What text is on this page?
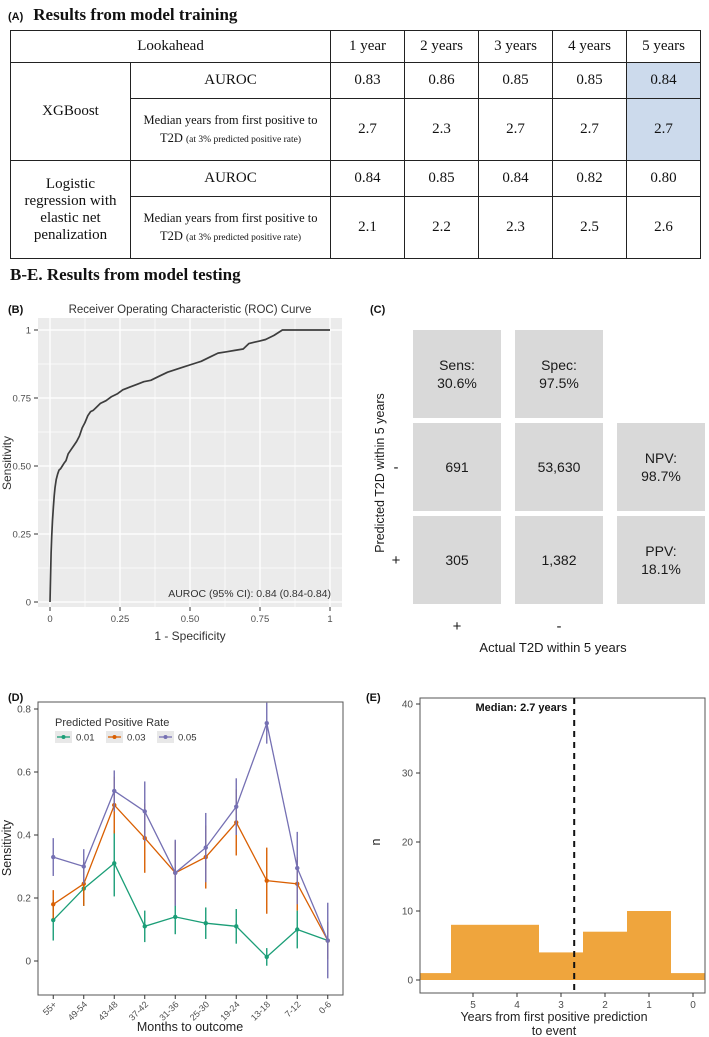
(A) Results from model training
Lookahead		1 year	2 years	3 years	4 years	5 years
XGBoost	AUROC	0.83	0.86	0.85	0.85	0.84

	Median years from first positive to
T2D (at 3% predicted positive rate)	2.7	2.3	2.7	2.7	2.7
Logistic regression with elastic net penalization	AUROC	0.84	0.85	0.84	0.82	0.80

	Median years from first positive to
T2D (at 3% predicted positive rate)	2.1	2.2	2.3	2.5	2.6
B-E. Results from model testing
(B)
(D)	(E)
0	0.25	0.50	0.75	1
0
0.25
0.50
0.75
1
Receiver Operating Characteristic (ROC) Curve
1 - Specificity
Sensitivity
AUROC (95% CI): 0.84 (0.84-0.84)
(C)
Predicted T2D within 5 years
Sens:
30.6%
Spec:
97.5%
-	691	53,630
NPV:
98.7%
+	305	1,382
PPV:
18.1%
+	-
Actual T2D within 5 years
0
0.2
0.4
0.6
0.8
55+ 49-54 43-48 37-42 31-36 25-30 19-24 13-18 7-12 0-6
Predicted Positive Rate
0.01	0.03	0.05
Months to outcome
Sensitivity
Median: 2.7 years
0
10
20
30
40
5	4	3	2	1	0
Years from first positive prediction
to event
n
